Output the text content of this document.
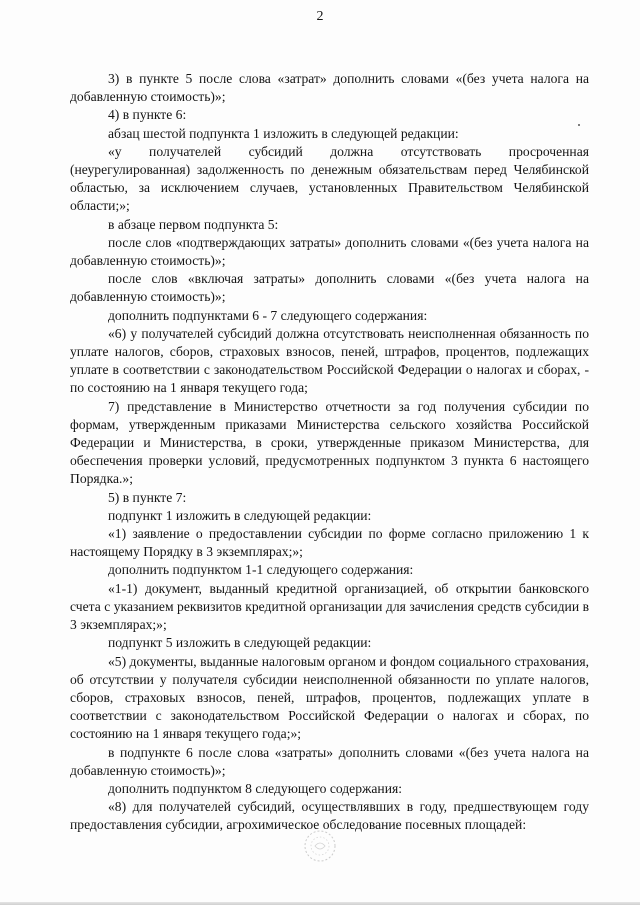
2

3) в пункте 5 после слова «затрат» дополнить словами «(без учета налога на добавленную стоимость)»;

4) в пункте 6:

абзац шестой подпункта 1 изложить в следующей редакции:

«у получателей субсидий должна отсутствовать просроченная (неурегулированная) задолженность по денежным обязательствам перед Челябинской областью, за исключением случаев, установленных Правительством Челябинской области;»;

в абзаце первом подпункта 5:

после слов «подтверждающих затраты» дополнить словами «(без учета налога на добавленную стоимость)»;

после слов «включая затраты» дополнить словами «(без учета налога на добавленную стоимость)»;

дополнить подпунктами 6 - 7 следующего содержания:

«6) у получателей субсидий должна отсутствовать неисполненная обязанность по уплате налогов, сборов, страховых взносов, пеней, штрафов, процентов, подлежащих уплате в соответствии с законодательством Российской Федерации о налогах и сборах, - по состоянию на 1 января текущего года;

7) представление в Министерство отчетности за год получения субсидии по формам, утвержденным приказами Министерства сельского хозяйства Российской Федерации и Министерства, в сроки, утвержденные приказом Министерства, для обеспечения проверки условий, предусмотренных подпунктом 3 пункта 6 настоящего Порядка.»;

5) в пункте 7:

подпункт 1 изложить в следующей редакции:

«1) заявление о предоставлении субсидии по форме согласно приложению 1 к настоящему Порядку в 3 экземплярах;»;

дополнить подпунктом 1-1 следующего содержания:

«1-1) документ, выданный кредитной организацией, об открытии банковского счета с указанием реквизитов кредитной организации для зачисления средств субсидии в 3 экземплярах;»;

подпункт 5 изложить в следующей редакции:

«5) документы, выданные налоговым органом и фондом социального страхования, об отсутствии у получателя субсидии неисполненной обязанности по уплате налогов, сборов, страховых взносов, пеней, штрафов, процентов, подлежащих уплате в соответствии с законодательством Российской Федерации о налогах и сборах, по состоянию на 1 января текущего года;»;

в подпункте 6 после слова «затраты» дополнить словами «(без учета налога на добавленную стоимость)»;

дополнить подпунктом 8 следующего содержания:

«8) для получателей субсидий, осуществлявших в году, предшествующем году предоставления субсидии, агрохимическое обследование посевных площадей:
